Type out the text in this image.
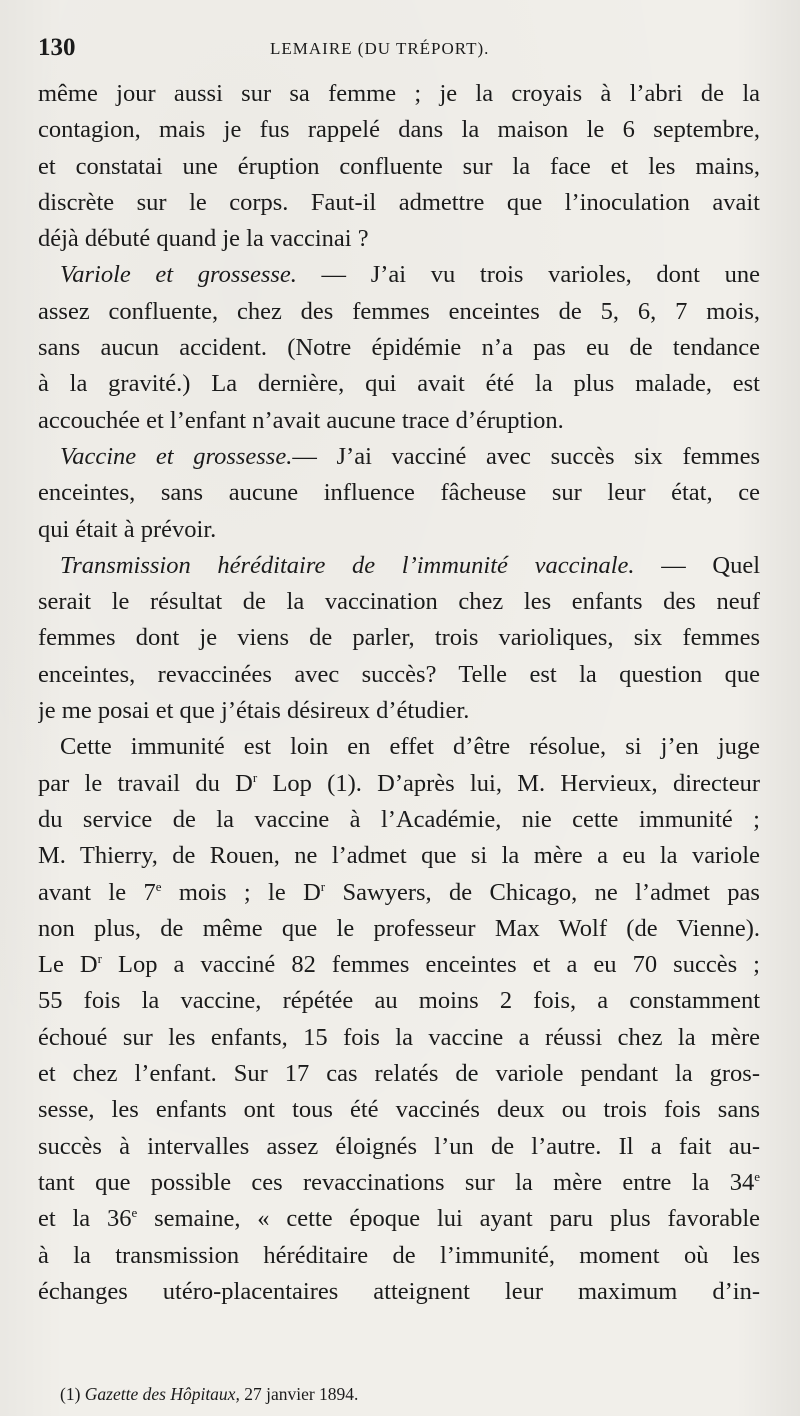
130	LEMAIRE (DU TRÉPORT).
même jour aussi sur sa femme ; je la croyais à l’abri de la
contagion, mais je fus rappelé dans la maison le 6 septembre,
et constatai une éruption confluente sur la face et les mains,
discrète sur le corps. Faut-il admettre que l’inoculation avait
déjà débuté quand je la vaccinai ?
Variole et grossesse. — J’ai vu trois varioles, dont une
assez confluente, chez des femmes enceintes de 5, 6, 7 mois,
sans aucun accident. (Notre épidémie n’a pas eu de tendance
à la gravité.) La dernière, qui avait été la plus malade, est
accouchée et l’enfant n’avait aucune trace d’éruption.
Vaccine et grossesse.— J’ai vacciné avec succès six femmes
enceintes, sans aucune influence fâcheuse sur leur état, ce
qui était à prévoir.
Transmission héréditaire de l’immunité vaccinale. — Quel
serait le résultat de la vaccination chez les enfants des neuf
femmes dont je viens de parler, trois varioliques, six femmes
enceintes, revaccinées avec succès? Telle est la question que
je me posai et que j’étais désireux d’étudier.
Cette immunité est loin en effet d’être résolue, si j’en juge
par le travail du $D^r$ Lop (1). D’après lui, M. Hervieux, directeur
du service de la vaccine à l’Académie, nie cette immunité ;
M. Thierry, de Rouen, ne l’admet que si la mère a eu la variole
avant le 7e mois ; le $D^r$ Sawyers, de Chicago, ne l’admet pas
non plus, de même que le professeur Max Wolf (de Vienne).
Le $D^r$ Lop a vacciné 82 femmes enceintes et a eu 70 succès ;
55 fois la vaccine, répétée au moins 2 fois, a constamment
échoué sur les enfants, 15 fois la vaccine a réussi chez la mère
et chez l’enfant. Sur 17 cas relatés de variole pendant la gros-
sesse, les enfants ont tous été vaccinés deux ou trois fois sans
succès à intervalles assez éloignés l’un de l’autre. Il a fait au-
tant que possible ces revaccinations sur la mère entre la 34e
et la 36e semaine, « cette époque lui ayant paru plus favorable
à la transmission héréditaire de l’immunité, moment où les
échanges utéro-placentaires atteignent leur maximum d’in-
(1) Gazette des Hôpitaux, 27 janvier 1894.
